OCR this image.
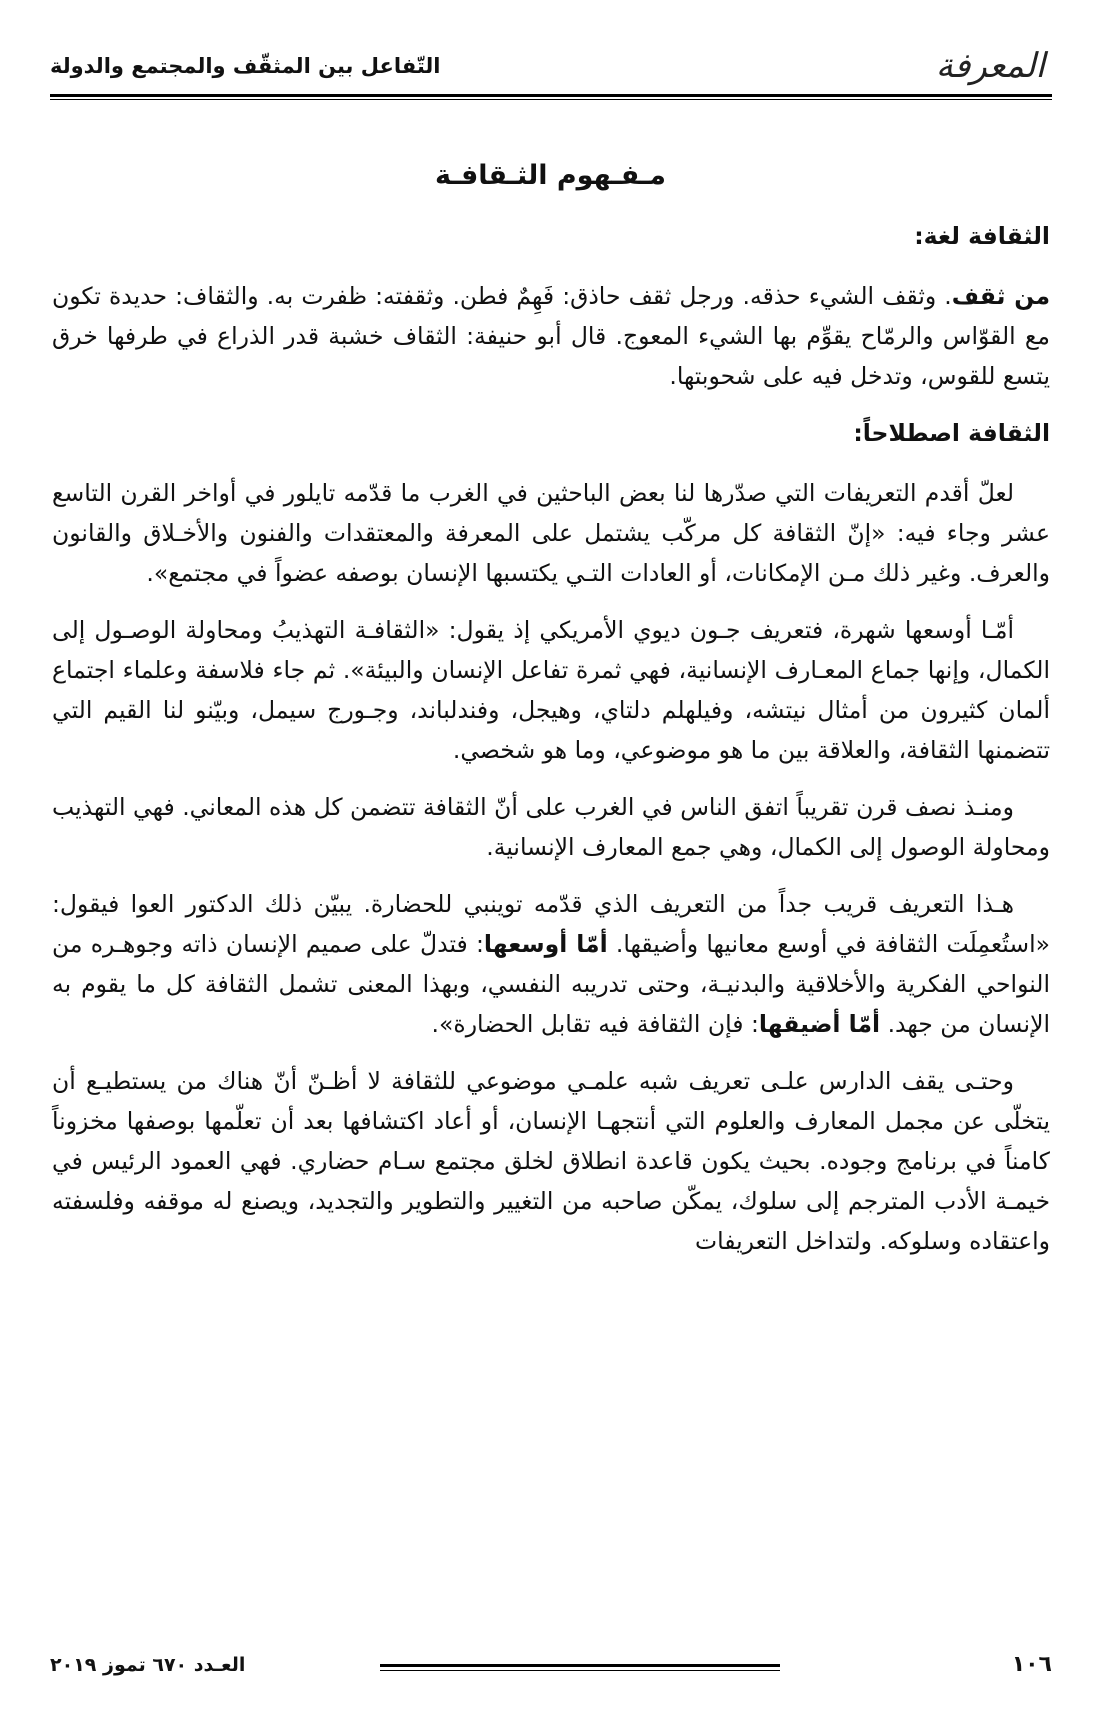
المعرفة
التّفاعل بين المثقّف والمجتمع والدولة
مـفـهوم الثـقافـة
الثقافة لغة:

من ثقف. وثقف الشيء حذقه. ورجل ثقف حاذق: فَهِمٌ فطن. وثقفته: ظفرت به. والثقاف: حديدة تكون مع القوّاس والرمّاح يقوِّم بها الشيء المعوج. قال أبو حنيفة: الثقاف خشبة قدر الذراع في طرفها خرق يتسع للقوس، وتدخل فيه على شحوبتها.

الثقافة اصطلاحاً:

لعلّ أقدم التعريفات التي صدّرها لنا بعض الباحثين في الغرب ما قدّمه تايلور في أواخر القرن التاسع عشر وجاء فيه: «إنّ الثقافة كل مركّب يشتمل على المعرفة والمعتقدات والفنون والأخـلاق والقانون والعرف. وغير ذلك مـن الإمكانات، أو العادات التـي يكتسبها الإنسان بوصفه عضواً في مجتمع».

أمّـا أوسعها شهرة، فتعريف جـون ديوي الأمريكي إذ يقول: «الثقافـة التهذيبُ ومحاولة الوصـول إلى الكمال، وإنها جماع المعـارف الإنسانية، فهي ثمرة تفاعل الإنسان والبيئة». ثم جاء فلاسفة وعلماء اجتماع ألمان كثيرون من أمثال نيتشه، وفيلهلم دلتاي، وهيجل، وفندلباند، وجـورج سيمل، وبيّنو لنا القيم التي تتضمنها الثقافة، والعلاقة بين ما هو موضوعي، وما هو شخصي.

ومنـذ نصف قرن تقريباً اتفق الناس في الغرب على أنّ الثقافة تتضمن كل هذه المعاني. فهي التهذيب ومحاولة الوصول إلى الكمال، وهي جمع المعارف الإنسانية.

هـذا التعريف قريب جداً من التعريف الذي قدّمه توينبي للحضارة. يبيّن ذلك الدكتور العوا فيقول: «استُعمِلَت الثقافة في أوسع معانيها وأضيقها. أمّا أوسعها: فتدلّ على صميم الإنسان ذاته وجوهـره من النواحي الفكرية والأخلاقية والبدنيـة، وحتى تدريبه النفسي، وبهذا المعنى تشمل الثقافة كل ما يقوم به الإنسان من جهد. أمّا أضيقها: فإن الثقافة فيه تقابل الحضارة».

وحتـى يقف الدارس علـى تعريف شبه علمـي موضوعي للثقافة لا أظـنّ أنّ هناك من يستطيـع أن يتخلّى عن مجمل المعارف والعلوم التي أنتجهـا الإنسان، أو أعاد اكتشافها بعد أن تعلّمها بوصفها مخزوناً كامناً في برنامج وجوده. بحيث يكون قاعدة انطلاق لخلق مجتمع سـام حضاري. فهي العمود الرئيس في خيمـة الأدب المترجم إلى سلوك، يمكّن صاحبه من التغيير والتطوير والتجديد، ويصنع له موقفه وفلسفته واعتقاده وسلوكه. ولتداخل التعريفات

١٠٦
العـدد ٦٧٠ تموز ٢٠١٩
